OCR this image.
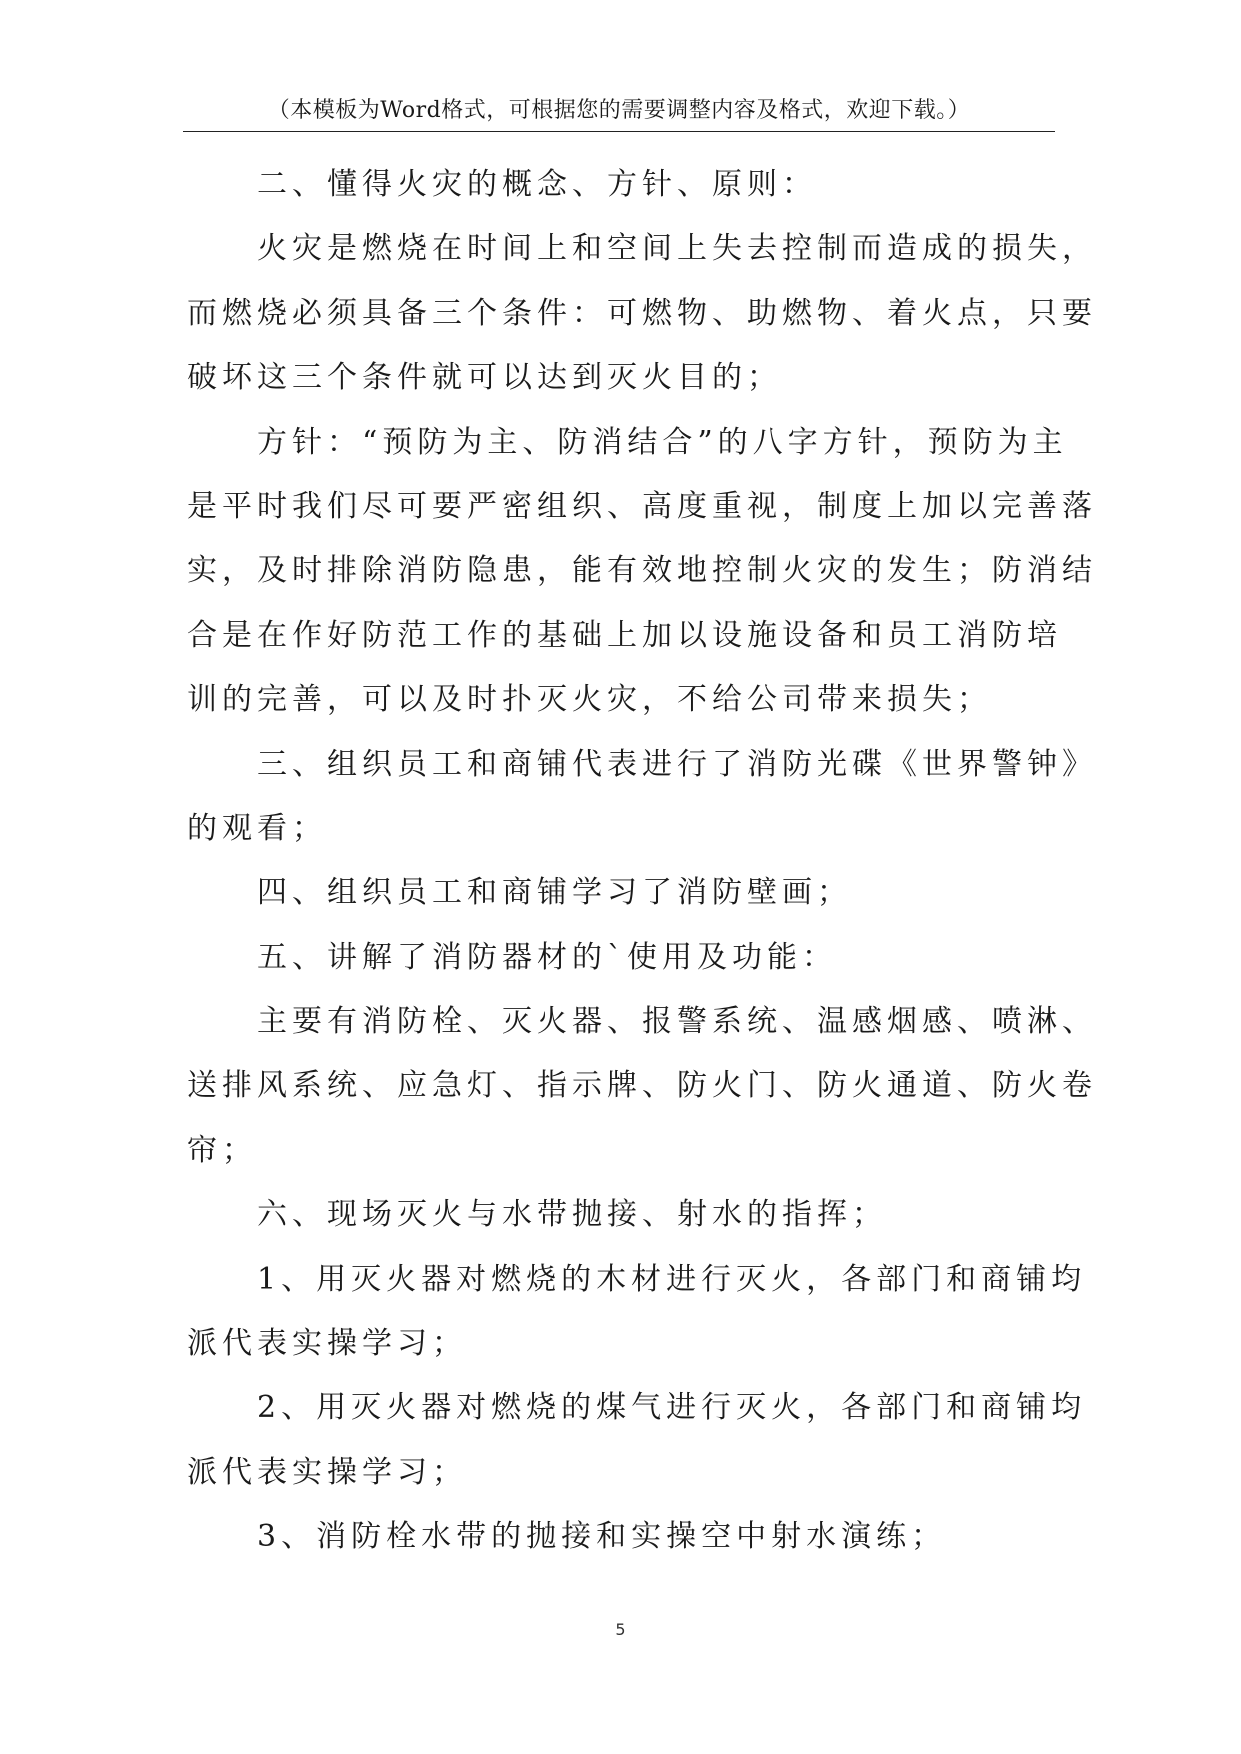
（本模板为Word格式，可根据您的需要调整内容及格式，欢迎下载。）
二、懂得火灾的概念、方针、原则：
火灾是燃烧在时间上和空间上失去控制而造成的损失，
而燃烧必须具备三个条件：可燃物、助燃物、着火点，只要
破坏这三个条件就可以达到灭火目的；
方针：“预防为主、防消结合”的八字方针，预防为主
是平时我们尽可要严密组织、高度重视，制度上加以完善落
实，及时排除消防隐患，能有效地控制火灾的发生；防消结
合是在作好防范工作的基础上加以设施设备和员工消防培
训的完善，可以及时扑灭火灾，不给公司带来损失；
三、组织员工和商铺代表进行了消防光碟《世界警钟》
的观看；
四、组织员工和商铺学习了消防壁画；
五、讲解了消防器材的`使用及功能：
主要有消防栓、灭火器、报警系统、温感烟感、喷淋、
送排风系统、应急灯、指示牌、防火门、防火通道、防火卷
帘；
六、现场灭火与水带抛接、射水的指挥；
1、用灭火器对燃烧的木材进行灭火，各部门和商铺均
派代表实操学习；
2、用灭火器对燃烧的煤气进行灭火，各部门和商铺均
派代表实操学习；
3、消防栓水带的抛接和实操空中射水演练；
5
